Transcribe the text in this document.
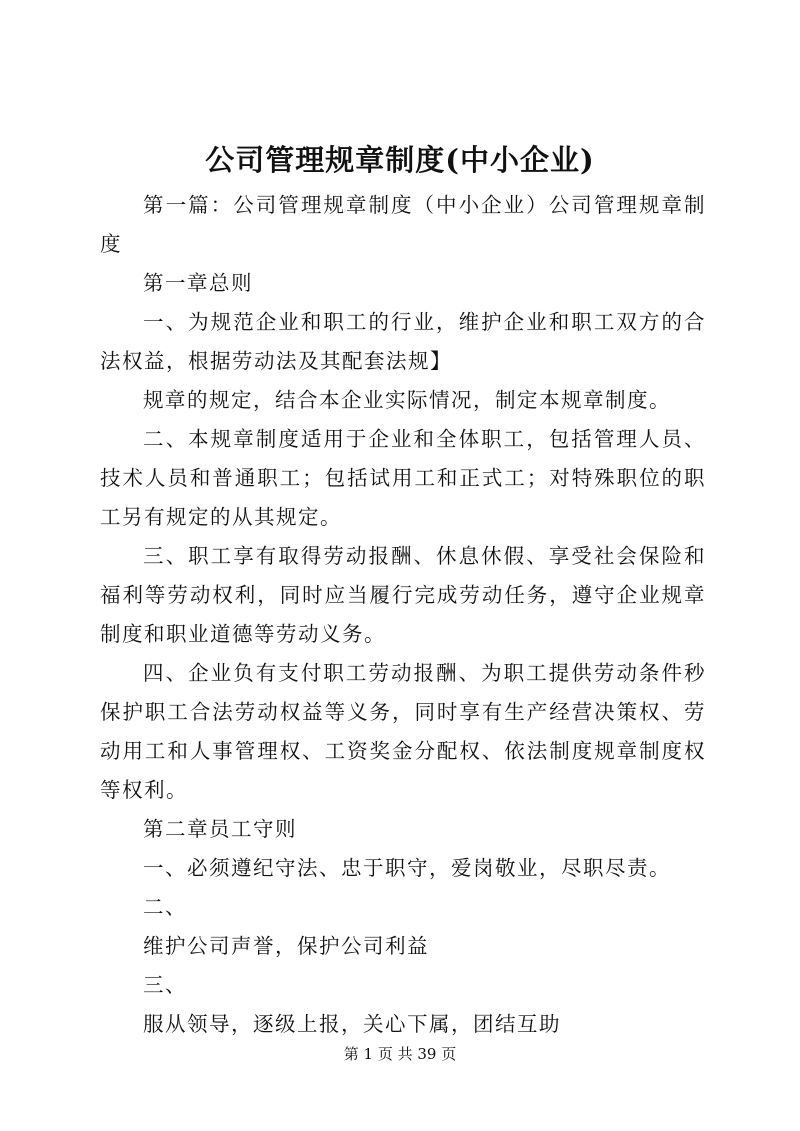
公司管理规章制度(中小企业)

第一篇：公司管理规章制度（中小企业）公司管理规章制度

第一章总则

一、为规范企业和职工的行业，维护企业和职工双方的合法权益，根据劳动法及其配套法规】

规章的规定，结合本企业实际情况，制定本规章制度。

二、本规章制度适用于企业和全体职工，包括管理人员、技术人员和普通职工；包括试用工和正式工；对特殊职位的职工另有规定的从其规定。

三、职工享有取得劳动报酬、休息休假、享受社会保险和福利等劳动权利，同时应当履行完成劳动任务，遵守企业规章制度和职业道德等劳动义务。

四、企业负有支付职工劳动报酬、为职工提供劳动条件秒保护职工合法劳动权益等义务，同时享有生产经营决策权、劳动用工和人事管理权、工资奖金分配权、依法制度规章制度权等权利。

第二章员工守则

一、必须遵纪守法、忠于职守，爱岗敬业，尽职尽责。

二、

维护公司声誉，保护公司利益

三、

服从领导，逐级上报，关心下属，团结互助

第 1 页 共 39 页
